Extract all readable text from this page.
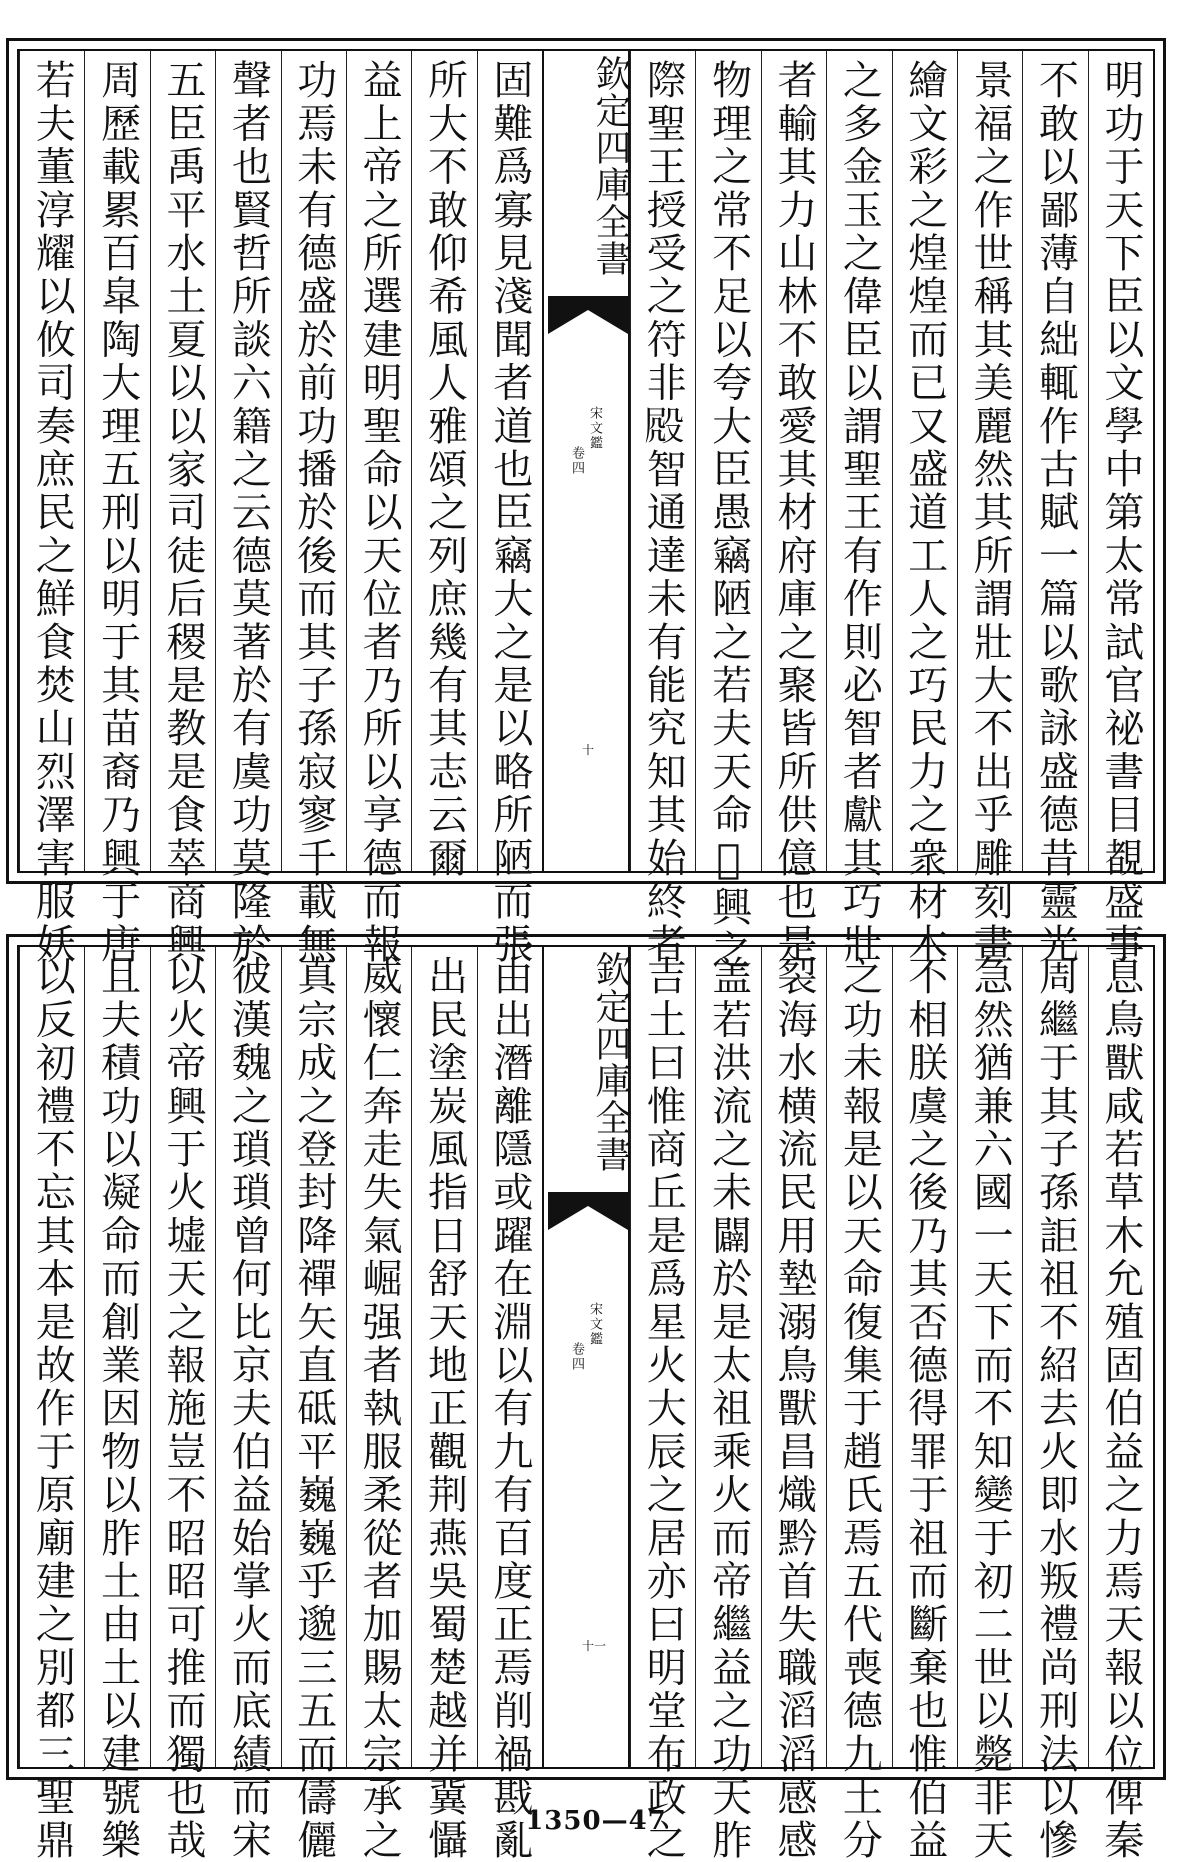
明功于天下臣以文學中第太常試官祕書目覩盛事
不敢以鄙薄自絀輒作古賦一篇以歌詠盛德昔靈光
景福之作世稱其美麗然其所謂壯大不出乎雕刻畫
繪文彩之煌煌而已又盛道工人之巧民力之衆材木
之多金玉之偉臣以謂聖王有作則必智者獻其巧壯
者輸其力山林不敢愛其材府庫之聚皆所供億也是
物理之常不足以夸大臣愚竊陋之若夫天命𤼵興之
際聖王授受之符非𣪍智通達未有能究知其始終者
欽定四庫全書
宋文鑑
卷四
十
固難爲寡見淺聞者道也臣竊大之是以略所陋而張
所大不敢仰希風人雅頌之列庶幾有其志云爾
益上帝之所選建明聖命以天位者乃所以享德而報
功焉未有德盛於前功播於後而其子孫寂寥千載無
聲者也賢哲所談六籍之云德莫著於有虞功莫隆於
五臣禹平水土夏以以家司徒后稷是教是食萃商興
周歷載累百皐陶大理五刑以明于其苗裔乃興于唐
若夫董淳耀以攸司奏庶民之鮮食焚山烈澤害服妖
息鳥獸咸若草木允殖固伯益之力焉天報以位俾秦
周繼于其子孫詎祖不紹去火即水叛禮尚刑法以慘
急然猶兼六國一天下而不知變于初二世以斃非天
不相朕虞之後乃其否德得罪于祖而斷棄也惟伯益
之功未報是以天命復集于趙氏焉五代喪德九土分
裂海水横流民用墊溺鳥獸昌熾黔首失職滔滔感感
盖若洪流之未闢於是太祖乘火而帝繼益之功天胙
吉土曰惟商丘是爲星火大辰之居亦曰明堂布政之
欽定四庫全書
宋文鑑
卷四
十一
由出潛離隱或躍在淵以有九有百度正焉削禍戡亂
出民塗炭風指日舒天地正觀荆燕吳蜀楚越并冀懾
威懷仁奔走失氣崛强者執服柔從者加賜太宗承之
真宗成之登封降禪矢直砥平巍巍乎邈三五而儔儷
彼漢魏之瑣瑣曾何比京夫伯益始掌火而底績而宋
以火帝興于火墟天之報施豈不昭昭可推而獨也哉
且夫積功以凝命而創業因物以胙土由土以建號樂
以反初禮不忘其本是故作于原廟建之別都三聖鼎	1350—47
